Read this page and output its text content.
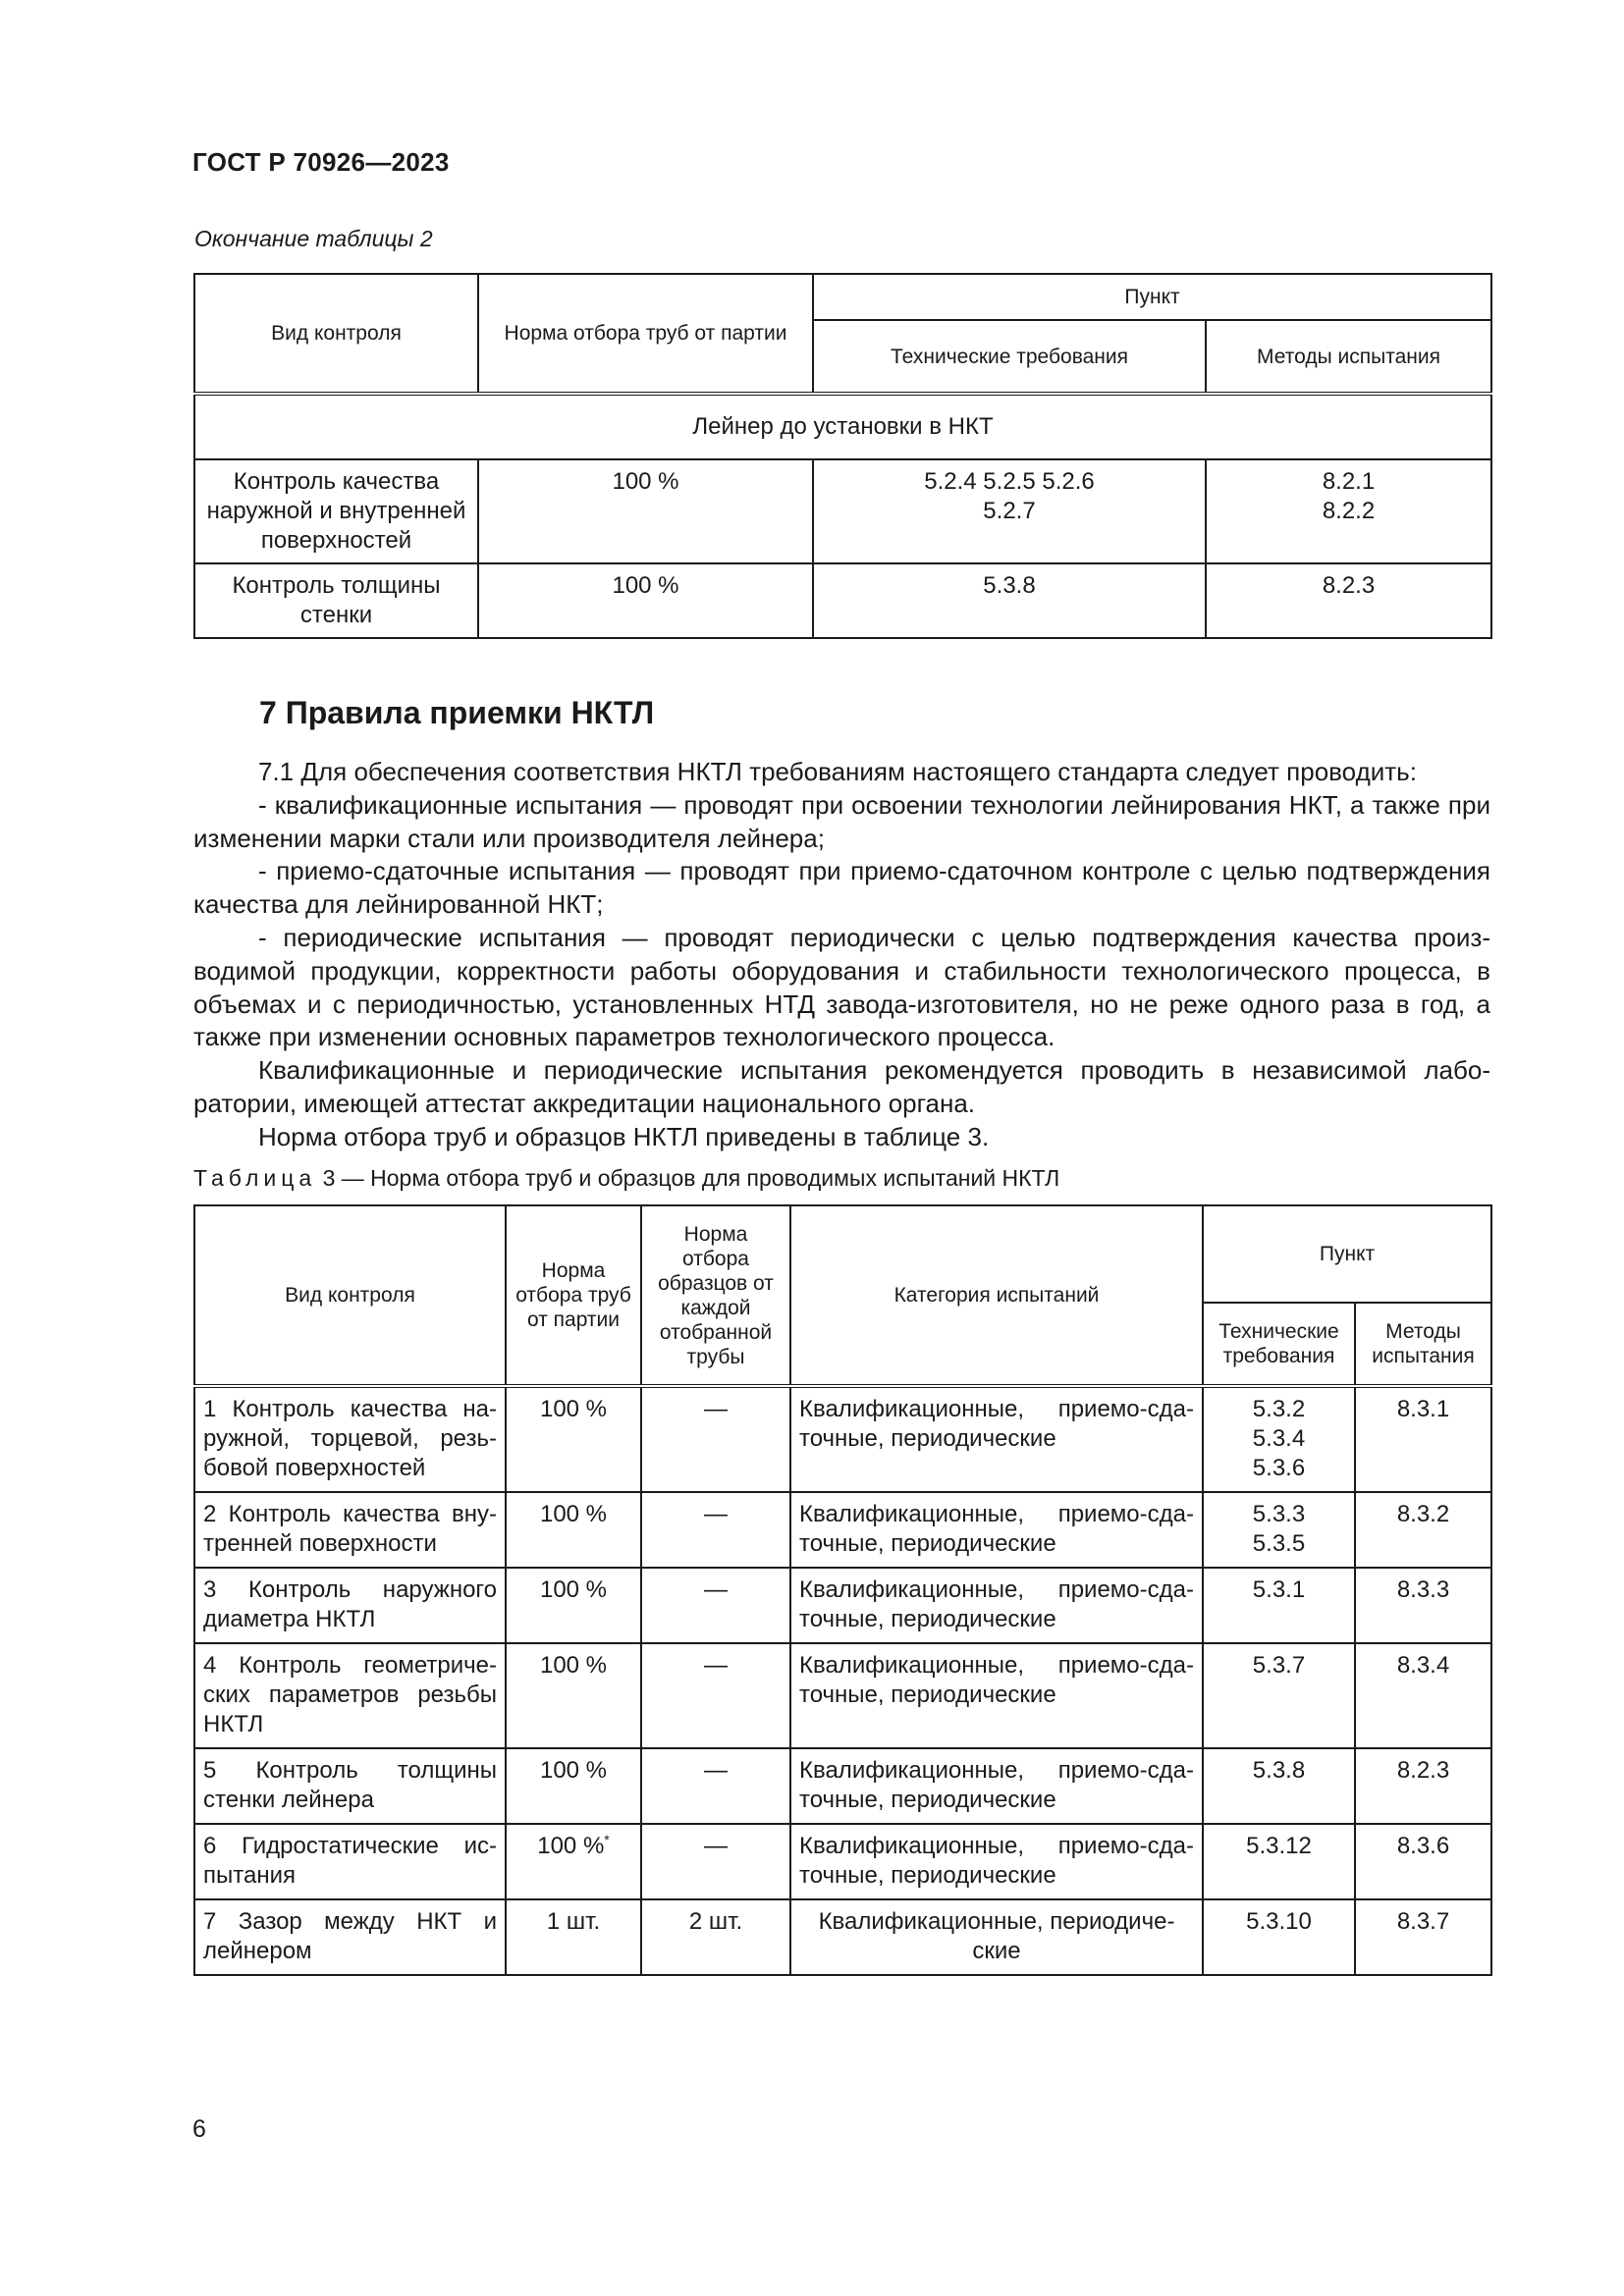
ГОСТ Р 70926—2023
Окончание таблицы 2
Вид контроля	Норма отбора труб от партии	Пункт	
		Технические требования	Методы испытания
Лейнер до установки в НКТ			
Контроль качества наружной и внутренней поверхностей	100 %	5.2.4 5.2.5 5.2.6 5.2.7	8.2.1 8.2.2
Контроль толщины стенки	100 %	5.3.8	8.2.3
7 Правила приемки НКТЛ

7.1 Для обеспечения соответствия НКТЛ требованиям настоящего стандарта следует проводить:

- квалификационные испытания — проводят при освоении технологии лейнирования НКТ, а также при изменении марки стали или производителя лейнера;

- приемо-сдаточные испытания — проводят при приемо-сдаточном контроле с целью подтверждения качества для лейнированной НКТ;

- периодические испытания — проводят периодически с целью подтверждения качества производимой продукции, корректности работы оборудования и стабильности технологического процесса, в объемах и с периодичностью, установленных НТД завода-изготовителя, но не реже одного раза в год, а также при изменении основных параметров технологического процесса.

Квалификационные и периодические испытания рекомендуется проводить в независимой лаборатории, имеющей аттестат аккредитации национального органа.

Норма отбора труб и образцов НКТЛ приведены в таблице 3.

Таблица 3 — Норма отбора труб и образцов для проводимых испытаний НКТЛ
Вид контроля	Норма отбора труб от партии	Норма отбора образцов от каждой отобранной трубы	Категория испытаний	Пункт	
				Технические требования	Методы испытания
1 Контроль качества наружной, торцевой, резьбовой поверхностей	100 %	—	Квалификационные, приемо-сдаточные, периодические	5.3.2 5.3.4 5.3.6	8.3.1
2 Контроль качества внутренней поверхности	100 %	—	Квалификационные, приемо-сдаточные, периодические	5.3.3 5.3.5	8.3.2
3 Контроль наружного диаметра НКТЛ	100 %	—	Квалификационные, приемо-сдаточные, периодические	5.3.1	8.3.3
4 Контроль геометрических параметров резьбы НКТЛ	100 %	—	Квалификационные, приемо-сдаточные, периодические	5.3.7	8.3.4
5 Контроль толщины стенки лейнера	100 %	—	Квалификационные, приемо-сдаточные, периодические	5.3.8	8.2.3
6 Гидростатические испытания	100 %*	—	Квалификационные, приемо-сдаточные, периодические	5.3.12	8.3.6
7 Зазор между НКТ и лейнером	1 шт.	2 шт.	Квалификационные, периодические	5.3.10	8.3.7
6
